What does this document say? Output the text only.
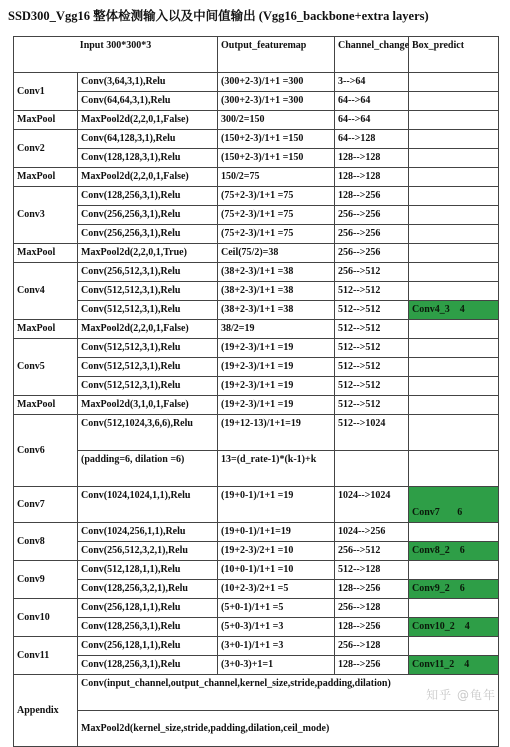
SSD300_Vgg16 整体检测输入以及中间值输出 (Vgg16_backbone+extra layers)
Input 300*300*3		Output_featuremap	Channel_change	Box_predict
Conv1	Conv(3,64,3,1),Relu	(300+2-3)/1+1 =300	3-->64	
	Conv(64,64,3,1),Relu	(300+2-3)/1+1 =300	64-->64	
MaxPool	MaxPool2d(2,2,0,1,False)	300/2=150	64-->64	
Conv2	Conv(64,128,3,1),Relu	(150+2-3)/1+1 =150	64-->128	
	Conv(128,128,3,1),Relu	(150+2-3)/1+1 =150	128-->128	
MaxPool	MaxPool2d(2,2,0,1,False)	150/2=75	128-->128	
Conv3	Conv(128,256,3,1),Relu	(75+2-3)/1+1 =75	128-->256	
	Conv(256,256,3,1),Relu	(75+2-3)/1+1 =75	256-->256	
	Conv(256,256,3,1),Relu	(75+2-3)/1+1 =75	256-->256	
MaxPool	MaxPool2d(2,2,0,1,True)	Ceil(75/2)=38	256-->256	
Conv4	Conv(256,512,3,1),Relu	(38+2-3)/1+1 =38	256-->512	
	Conv(512,512,3,1),Relu	(38+2-3)/1+1 =38	512-->512	
	Conv(512,512,3,1),Relu	(38+2-3)/1+1 =38	512-->512	Conv4_3    4
MaxPool	MaxPool2d(2,2,0,1,False)	38/2=19	512-->512	
Conv5	Conv(512,512,3,1),Relu	(19+2-3)/1+1 =19	512-->512	
	Conv(512,512,3,1),Relu	(19+2-3)/1+1 =19	512-->512	
	Conv(512,512,3,1),Relu	(19+2-3)/1+1 =19	512-->512	
MaxPool	MaxPool2d(3,1,0,1,False)	(19+2-3)/1+1 =19	512-->512	
Conv6	Conv(512,1024,3,6,6),Relu	(19+12-13)/1+1=19	512-->1024	
	(padding=6, dilation =6)	13=(d_rate-1)*(k-1)+k		
Conv7	Conv(1024,1024,1,1),Relu	(19+0-1)/1+1 =19	1024-->1024	Conv7       6
Conv8	Conv(1024,256,1,1),Relu	(19+0-1)/1+1=19	1024-->256	
	Conv(256,512,3,2,1),Relu	(19+2-3)/2+1 =10	256-->512	Conv8_2    6
Conv9	Conv(512,128,1,1),Relu	(10+0-1)/1+1 =10	512-->128	
	Conv(128,256,3,2,1),Relu	(10+2-3)/2+1 =5	128-->256	Conv9_2    6
Conv10	Conv(256,128,1,1),Relu	(5+0-1)/1+1 =5	256-->128	
	Conv(128,256,3,1),Relu	(5+0-3)/1+1 =3	128-->256	Conv10_2    4
Conv11	Conv(256,128,1,1),Relu	(3+0-1)/1+1 =3	256-->128	
	Conv(128,256,3,1),Relu	(3+0-3)+1=1	128-->256	Conv11_2    4
Appendix	Conv(input_channel,output_channel,kernel_size,stride,padding,dilation)			
	MaxPool2d(kernel_size,stride,padding,dilation,ceil_mode)			
知乎 @龟年
